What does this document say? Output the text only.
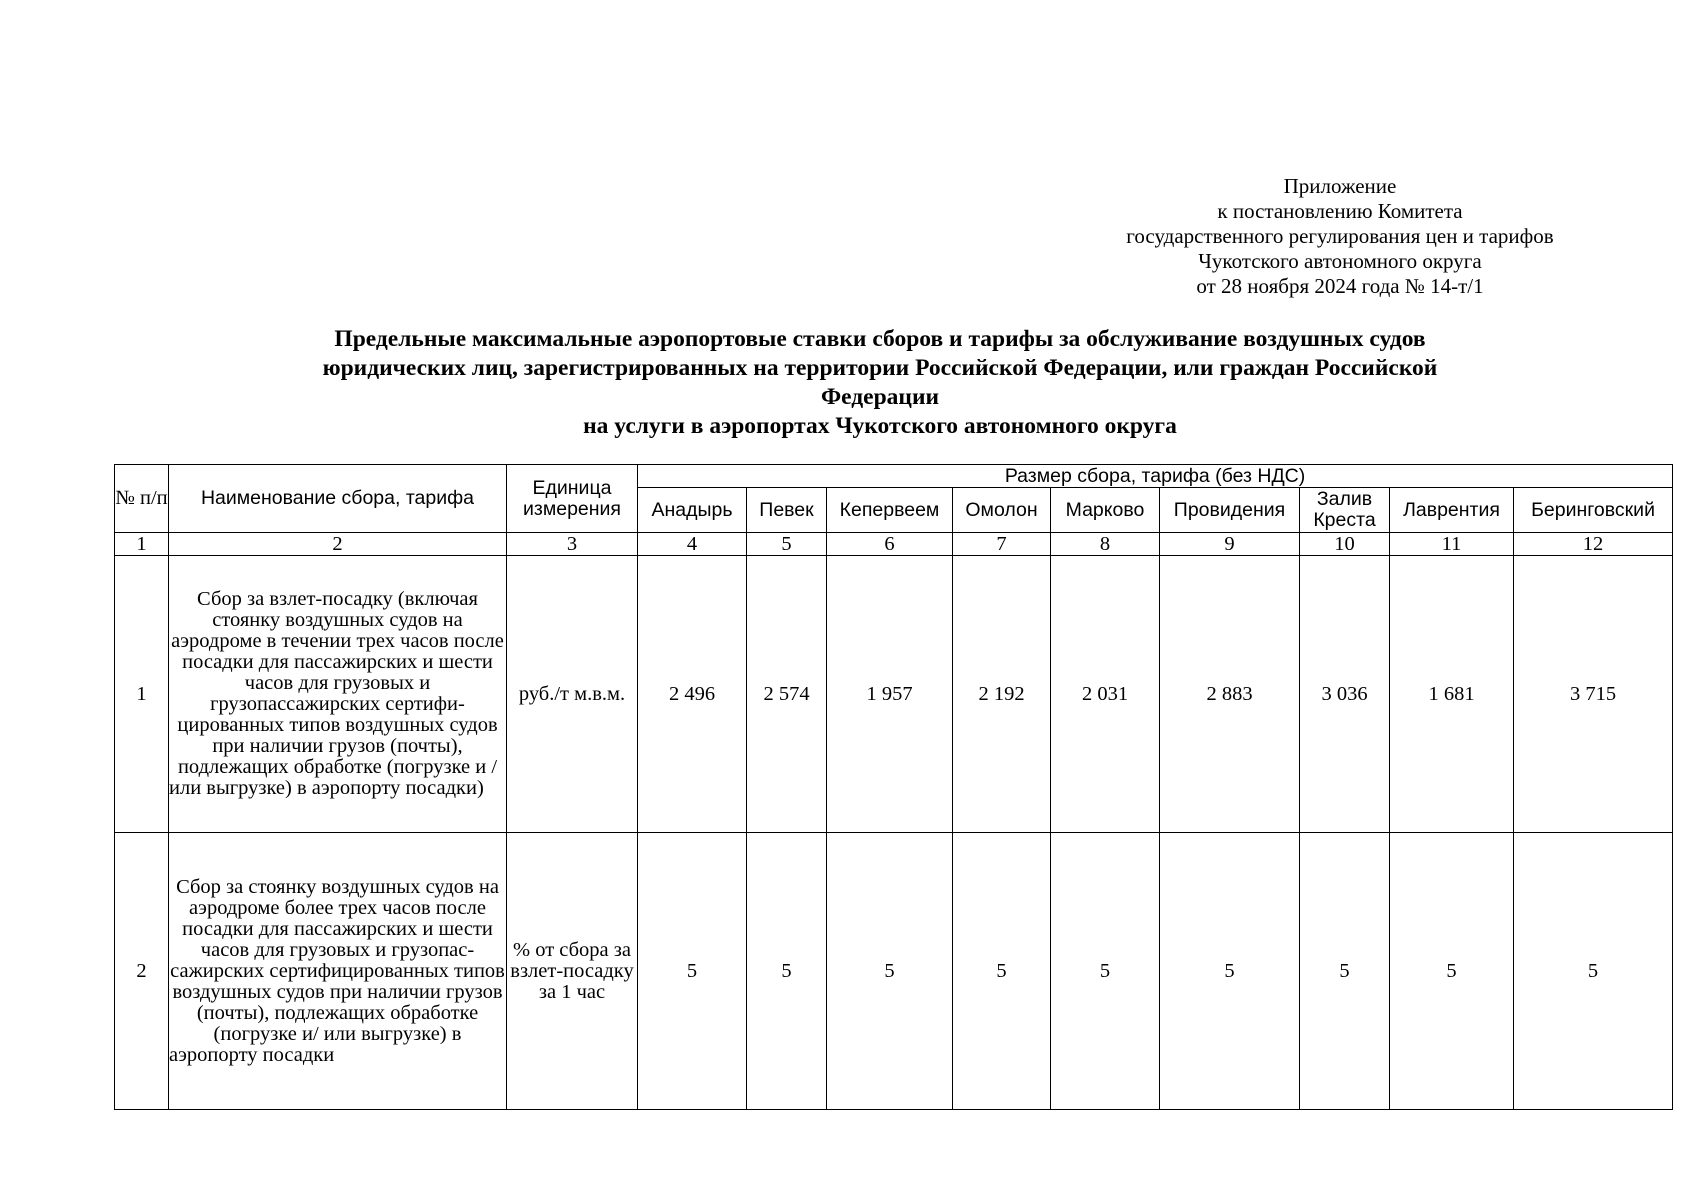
Приложение
к постановлению Комитета
государственного регулирования цен и тарифов
Чукотского автономного округа
от 28 ноября 2024 года № 14-т/1
Предельные максимальные аэропортовые ставки сборов и тарифы за обслуживание воздушных судов
юридических лиц, зарегистрированных на территории Российской Федерации, или граждан Российской
Федерации
на услуги в аэропортах Чукотского автономного округа
№ п/п	Наименование сбора, тарифа	Единица измерения	Размер сбора, тарифа (без НДС)								
			Анадырь	Певек	Кепервеем	Омолон	Марково	Провидения	Залив Креста	Лаврентия	Беринговский
1	2	3	4	5	6	7	8	9	10	11	12
1	Сбор за взлет-посадку (включая стоянку воздушных судов на аэродроме в течении трех часов после посадки для пассажирских и шести часов для грузовых и грузопассажирских сертифицированных типов воздушных судов при наличии грузов (почты), подлежащих обработке (погрузке и / или выгрузке) в аэропорту посадки)	руб./т м.в.м.	2 496	2 574	1 957	2 192	2 031	2 883	3 036	1 681	3 715
2	Сбор за стоянку воздушных судов на аэродроме более трех часов после посадки для пассажирских и шести часов для грузовых и грузопассажирских сертифицированных типов воздушных судов при наличии грузов (почты), подлежащих обработке (погрузке и/ или выгрузке) в аэропорту посадки	% от сбора за взлет-посадку за 1 час	5	5	5	5	5	5	5	5	5
